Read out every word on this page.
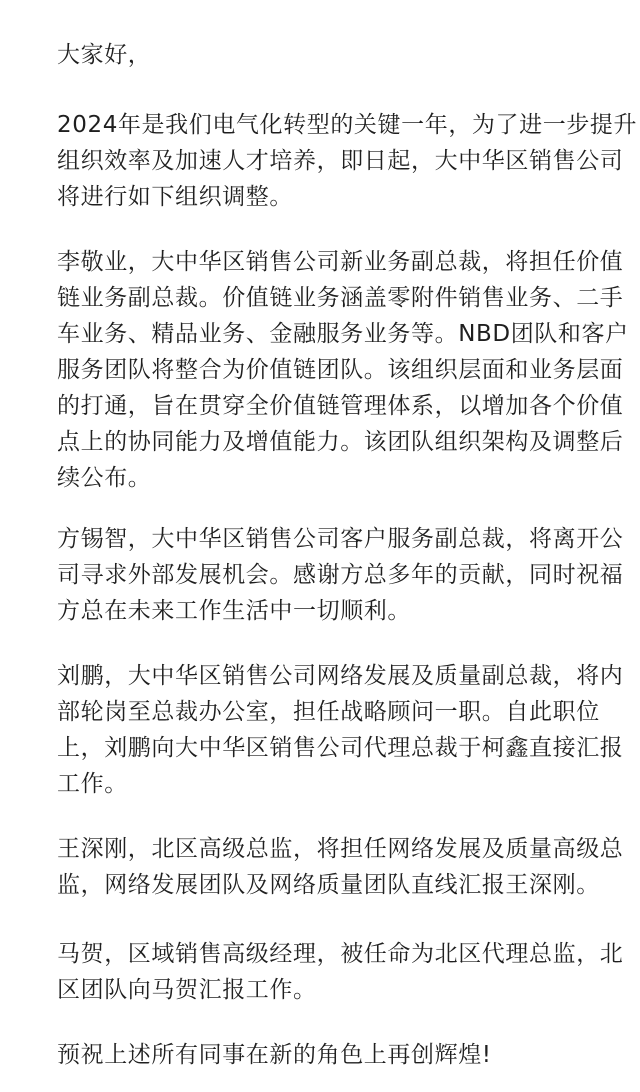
大家好，
2024年是我们电气化转型的关键一年，为了进一步提升
组织效率及加速人才培养，即日起，大中华区销售公司
将进行如下组织调整。
李敬业，大中华区销售公司新业务副总裁，将担任价值
链业务副总裁。价值链业务涵盖零附件销售业务、二手
车业务、精品业务、金融服务业务等。NBD团队和客户
服务团队将整合为价值链团队。该组织层面和业务层面
的打通，旨在贯穿全价值链管理体系，以增加各个价值
点上的协同能力及增值能力。该团队组织架构及调整后
续公布。
方锡智，大中华区销售公司客户服务副总裁，将离开公
司寻求外部发展机会。感谢方总多年的贡献，同时祝福
方总在未来工作生活中一切顺利。
刘鹏，大中华区销售公司网络发展及质量副总裁，将内
部轮岗至总裁办公室，担任战略顾问一职。自此职位
上，刘鹏向大中华区销售公司代理总裁于柯鑫直接汇报
工作。
王深刚，北区高级总监，将担任网络发展及质量高级总
监，网络发展团队及网络质量团队直线汇报王深刚。
马贺，区域销售高级经理，被任命为北区代理总监，北
区团队向马贺汇报工作。
预祝上述所有同事在新的角色上再创辉煌!
